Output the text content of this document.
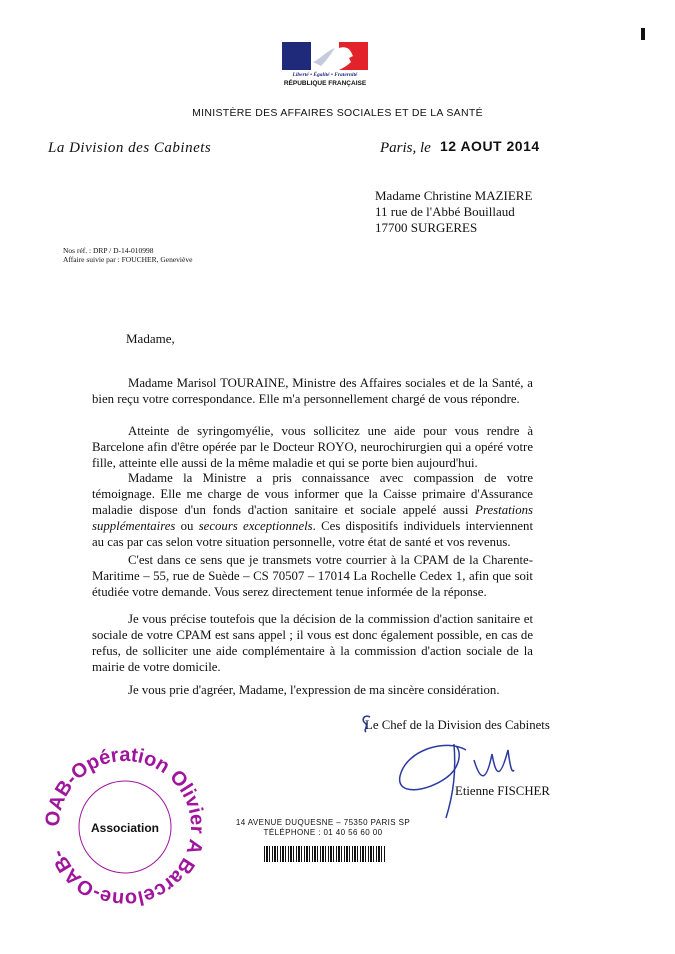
Liberté • Égalité • Fraternité
RÉPUBLIQUE FRANÇAISE
MINISTÈRE DES AFFAIRES SOCIALES ET DE LA SANTÉ
La Division des Cabinets	Paris, le 12 AOUT 2014
Madame Christine MAZIERE
11 rue de l'Abbé Bouillaud
17700 SURGERES
Nos réf. : DRP / D-14-010998
Affaire suivie par : FOUCHER, Geneviève
Madame,
Madame Marisol TOURAINE, Ministre des Affaires sociales et de la Santé, a bien reçu votre correspondance. Elle m'a personnellement chargé de vous répondre.
Atteinte de syringomyélie, vous sollicitez une aide pour vous rendre à Barcelone afin d'être opérée par le Docteur ROYO, neurochirurgien qui a opéré votre fille, atteinte elle aussi de la même maladie et qui se porte bien aujourd'hui.
Madame la Ministre a pris connaissance avec compassion de votre témoignage. Elle me charge de vous informer que la Caisse primaire d'Assurance maladie dispose d'un fonds d'action sanitaire et sociale appelé aussi Prestations supplémentaires ou secours exceptionnels. Ces dispositifs individuels interviennent au cas par cas selon votre situation personnelle, votre état de santé et vos revenus.
C'est dans ce sens que je transmets votre courrier à la CPAM de la Charente-Maritime – 55, rue de Suède – CS 70507 – 17014 La Rochelle Cedex 1, afin que soit étudiée votre demande. Vous serez directement tenue informée de la réponse.
Je vous précise toutefois que la décision de la commission d'action sanitaire et sociale de votre CPAM est sans appel ; il vous est donc également possible, en cas de refus, de solliciter une aide complémentaire à la commission d'action sociale de la mairie de votre domicile.
Je vous prie d'agréer, Madame, l'expression de ma sincère considération.
Le Chef de la Division des Cabinets
Etienne FISCHER
14 AVENUE DUQUESNE – 75350 PARIS SP
TÉLÉPHONE : 01 40 56 60 00
OAB-Opération Olivier A Barcelone-OAB-
Association
